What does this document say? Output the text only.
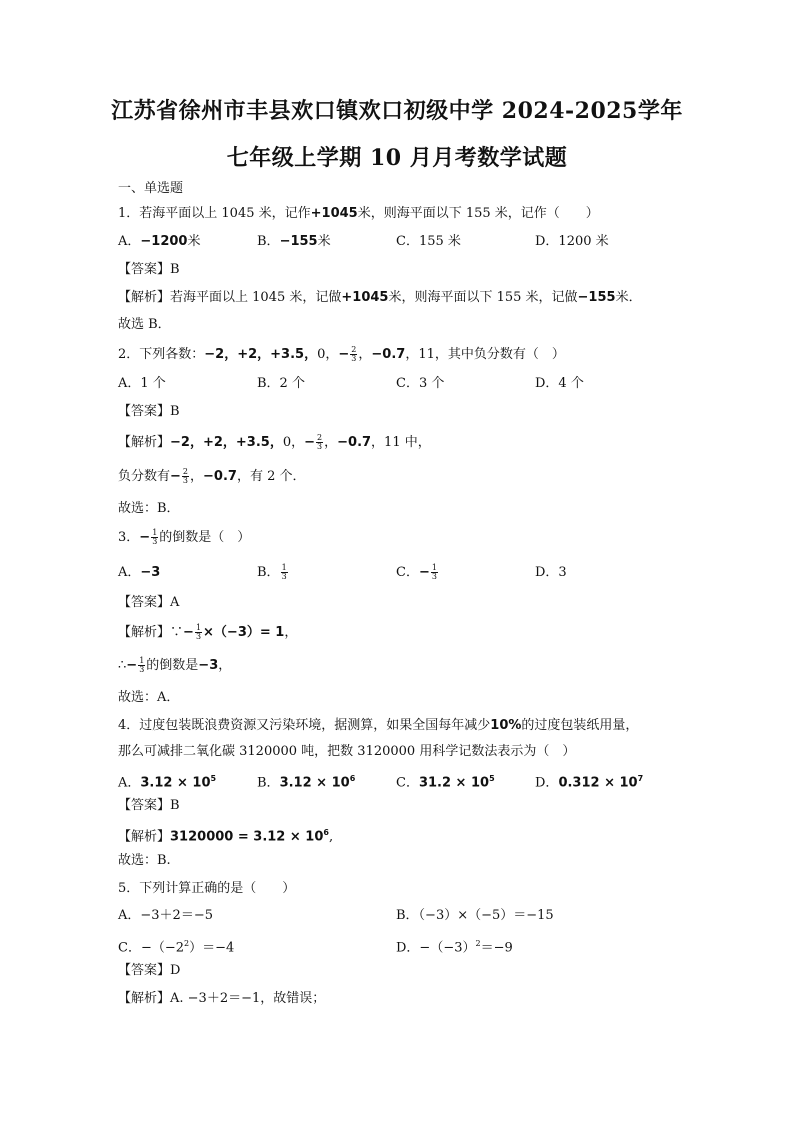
江苏省徐州市丰县欢口镇欢口初级中学 2024-2025学年
七年级上学期 10 月月考数学试题
一、单选题
1．若海平面以上 1045 米，记作+1045米，则海平面以下 155 米，记作（　　）
A．−1200米	B．−155米	C．155 米	D．1200 米
【答案】B
【解析】若海平面以上 1045 米，记做+1045米，则海平面以下 155 米，记做−155米．
故选 B．
2．下列各数：−2，+2，+3.5，0，− $\frac{2}{3}$ ，−0.7，11，其中负分数有（　）
A．1 个	B．2 个	C．3 个	D．4 个
【答案】B
【解析】−2，+2，+3.5，0，− $\frac{2}{3}$ ，−0.7，11 中，
负分数有− $\frac{2}{3}$ ，−0.7，有 2 个．
故选：B．
3．− $\frac{1}{3}$ 的倒数是（　）
A．−3	B． $\frac{1}{3}$	C．− $\frac{1}{3}$	D．3
【答案】A
【解析】∵− $\frac{1}{3} \times(-3)= 1$，
∴− $\frac{1}{3}$ 的倒数是−3，
故选：A．
4．过度包装既浪费资源又污染环境，据测算，如果全国每年减少10%的过度包装纸用量，
那么可减排二氧化碳 3120000 吨，把数 3120000 用科学记数法表示为（　）
A．$3.12 \times 10^5$	B．$3.12 \times 10^6$	C．$31.2 \times 10^5$	D．$0.312 \times 10^7$
【答案】B
【解析】$3120000 = 3.12 \times 10^6$,
故选：B.
5．下列计算正确的是（　　）
A．−3＋2＝−5	B．（−3）×（−5）＝−15
C．$-(-2^2)=-4$	D．$-(-3)^2=-9$
【答案】D
【解析】A. −3＋2＝−1，故错误；
